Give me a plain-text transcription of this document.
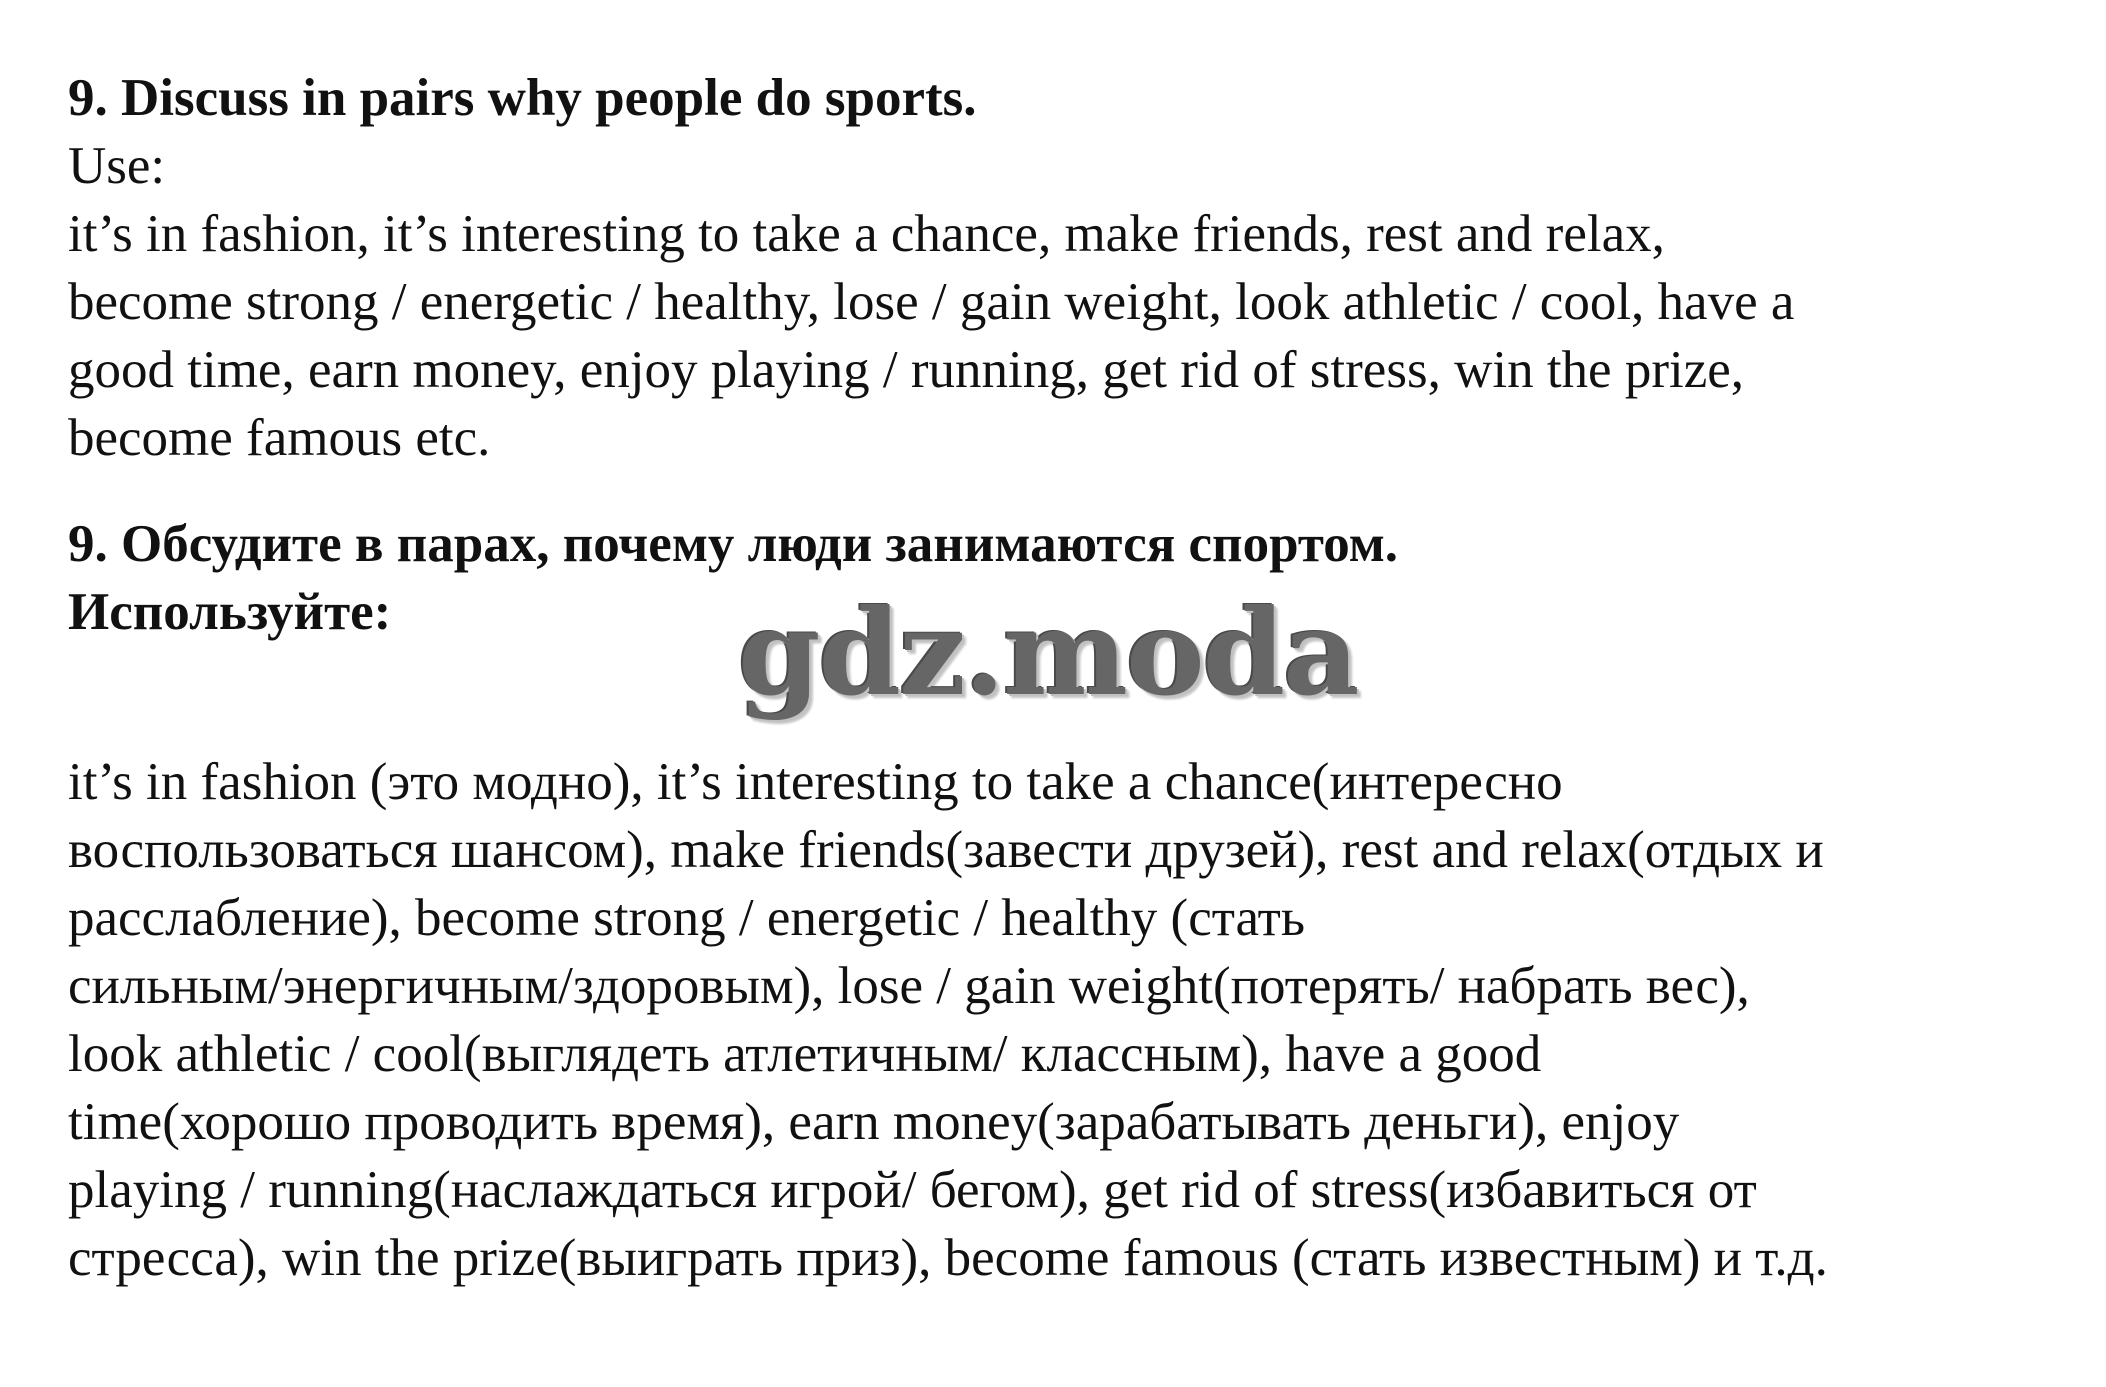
9. Discuss in pairs why people do sports.

Use:

it’s in fashion, it’s interesting to take a chance, make friends, rest and relax,

become strong / energetic / healthy, lose / gain weight, look athletic / cool, have a

good time, earn money, enjoy playing / running, get rid of stress, win the prize,

become famous etc.

9. Обсудите в парах, почему люди занимаются спортом.

Используйте:

it’s in fashion (это модно), it’s interesting to take a chance(интересно

воспользоваться шансом), make friends(завести друзей), rest and relax(отдых и

расслабление), become strong / energetic / healthy (стать

сильным/энергичным/здоровым), lose / gain weight(потерять/ набрать вес),

look athletic / cool(выглядеть атлетичным/ классным), have a good

time(хорошо проводить время), earn money(зарабатывать деньги), enjoy

playing / running(наслаждаться игрой/ бегом), get rid of stress(избавиться от

стресса), win the prize(выиграть приз), become famous (стать известным) и т.д.

gdz.moda
